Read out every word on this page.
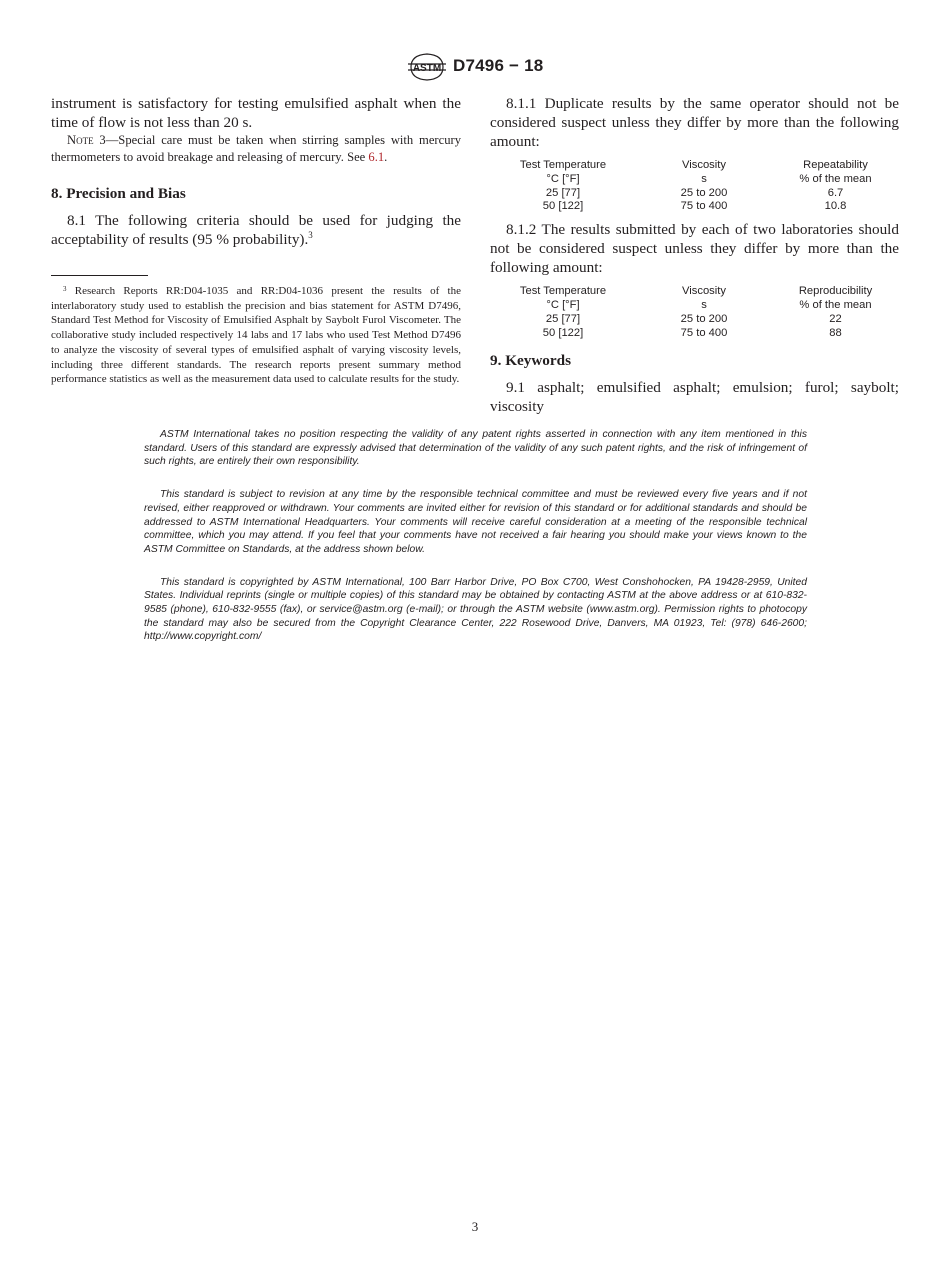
ASTM D7496 − 18

instrument is satisfactory for testing emulsified asphalt when the time of flow is not less than 20 s.

Note 3—Special care must be taken when stirring samples with mercury thermometers to avoid breakage and releasing of mercury. See 6.1.

8. Precision and Bias

8.1 The following criteria should be used for judging the acceptability of results (95 % probability).$^3$

$^3$ Research Reports RR:D04-1035 and RR:D04-1036 present the results of the interlaboratory study used to establish the precision and bias statement for ASTM D7496, Standard Test Method for Viscosity of Emulsified Asphalt by Saybolt Furol Viscometer. The collaborative study included respectively 14 labs and 17 labs who used Test Method D7496 to analyze the viscosity of several types of emulsified asphalt of varying viscosity levels, including three different standards. The research reports present summary method performance statistics as well as the measurement data used to calculate results for the study.

8.1.1 Duplicate results by the same operator should not be considered suspect unless they differ by more than the following amount:

Test Temperature	Viscosity	Repeatability
°C [°F]	s	% of the mean
25 [77]	25 to 200	6.7
50 [122]	75 to 400	10.8

8.1.2 The results submitted by each of two laboratories should not be considered suspect unless they differ by more than the following amount:

Test Temperature	Viscosity	Reproducibility
°C [°F]	s	% of the mean
25 [77]	25 to 200	22
50 [122]	75 to 400	88

9. Keywords

9.1 asphalt; emulsified asphalt; emulsion; furol; saybolt; viscosity

ASTM International takes no position respecting the validity of any patent rights asserted in connection with any item mentioned in this standard. Users of this standard are expressly advised that determination of the validity of any such patent rights, and the risk of infringement of such rights, are entirely their own responsibility.

This standard is subject to revision at any time by the responsible technical committee and must be reviewed every five years and if not revised, either reapproved or withdrawn. Your comments are invited either for revision of this standard or for additional standards and should be addressed to ASTM International Headquarters. Your comments will receive careful consideration at a meeting of the responsible technical committee, which you may attend. If you feel that your comments have not received a fair hearing you should make your views known to the ASTM Committee on Standards, at the address shown below.

This standard is copyrighted by ASTM International, 100 Barr Harbor Drive, PO Box C700, West Conshohocken, PA 19428-2959, United States. Individual reprints (single or multiple copies) of this standard may be obtained by contacting ASTM at the above address or at 610-832-9585 (phone), 610-832-9555 (fax), or service@astm.org (e-mail); or through the ASTM website (www.astm.org). Permission rights to photocopy the standard may also be secured from the Copyright Clearance Center, 222 Rosewood Drive, Danvers, MA 01923, Tel: (978) 646-2600; http://www.copyright.com/

3
